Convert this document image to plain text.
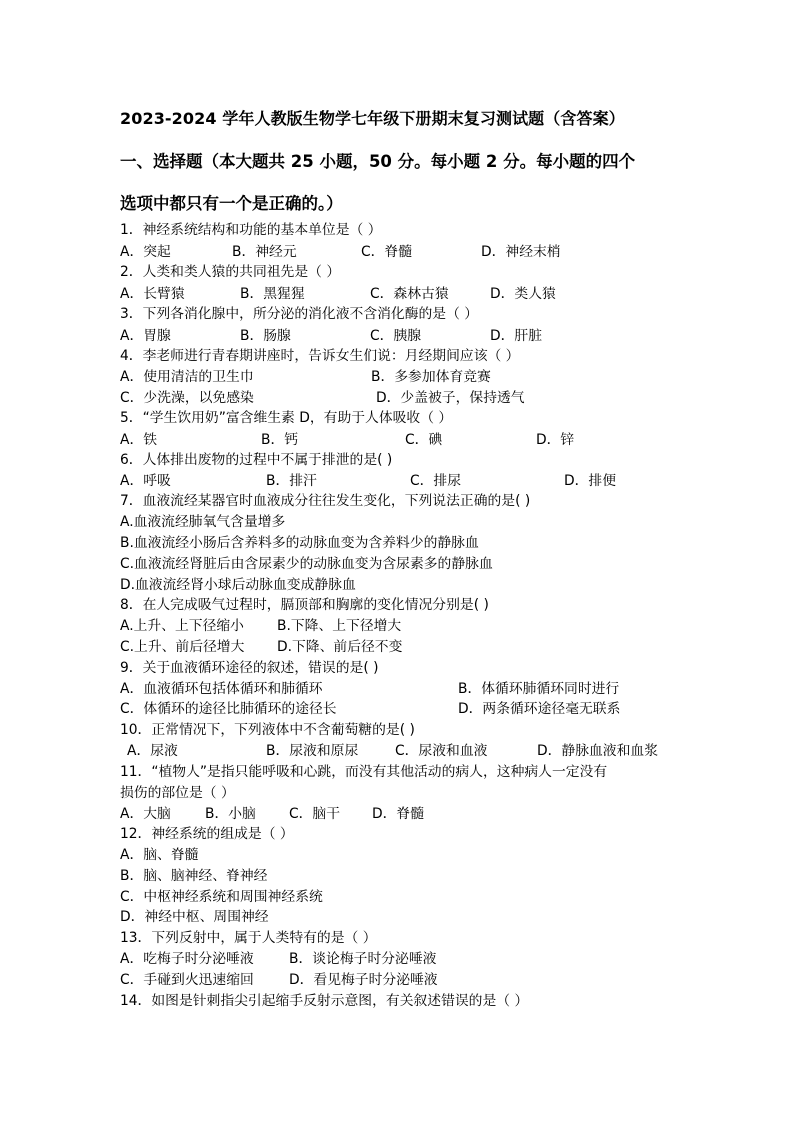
2023-2024 学年人教版生物学七年级下册期末复习测试题（含答案）
一、选择题（本大题共 25 小题，50 分。每小题 2 分。每小题的四个
选项中都只有一个是正确的。）
1．神经系统结构和功能的基本单位是（ ）
A．突起	B．神经元	C．脊髓	D．神经末梢
2．人类和类人猿的共同祖先是（ ）
A．长臂猿	B．黑猩猩	C．森林古猿	D．类人猿
3．下列各消化腺中，所分泌的消化液不含消化酶的是（ ）
A．胃腺	B．肠腺	C．胰腺	D．肝脏
4．李老师进行青春期讲座时，告诉女生们说：月经期间应该（ ）
A．使用清洁的卫生巾	B．多参加体育竞赛
C．少洗澡，以免感染	D．少盖被子，保持透气
5．“学生饮用奶”富含维生素 D，有助于人体吸收（ ）
A．铁	B．钙	C．碘	D．锌
6．人体排出废物的过程中不属于排泄的是( )
A．呼吸	B．排汗	C．排尿	D．排便
7．血液流经某器官时血液成分往往发生变化，下列说法正确的是( )
A.血液流经肺氧气含量增多
B.血液流经小肠后含养料多的动脉血变为含养料少的静脉血
C.血液流经肾脏后由含尿素少的动脉血变为含尿素多的静脉血
D.血液流经肾小球后动脉血变成静脉血
8．在人完成吸气过程时，膈顶部和胸廓的变化情况分别是( )
A.上升、上下径缩小 B.下降、上下径增大
C.上升、前后径增大 D.下降、前后径不变
9．关于血液循环途径的叙述，错误的是( )
A．血液循环包括体循环和肺循环	B．体循环肺循环同时进行
C．体循环的途径比肺循环的途径长	D．两条循环途径毫无联系
10．正常情况下，下列液体中不含葡萄糖的是( )
A．尿液	B．尿液和原尿	C．尿液和血液	D．静脉血液和血浆
11．“植物人”是指只能呼吸和心跳，而没有其他活动的病人，这种病人一定没有
损伤的部位是（ ）
A．大脑 B．小脑 C．脑干 D．脊髓
12．神经系统的组成是（ ）
A．脑、脊髓
B．脑、脑神经、脊神经
C．中枢神经系统和周围神经系统
D．神经中枢、周围神经
13．下列反射中，属于人类特有的是（ ）
A．吃梅子时分泌唾液	B．谈论梅子时分泌唾液
C．手碰到火迅速缩回	D．看见梅子时分泌唾液
14．如图是针刺指尖引起缩手反射示意图，有关叙述错误的是（ ）
